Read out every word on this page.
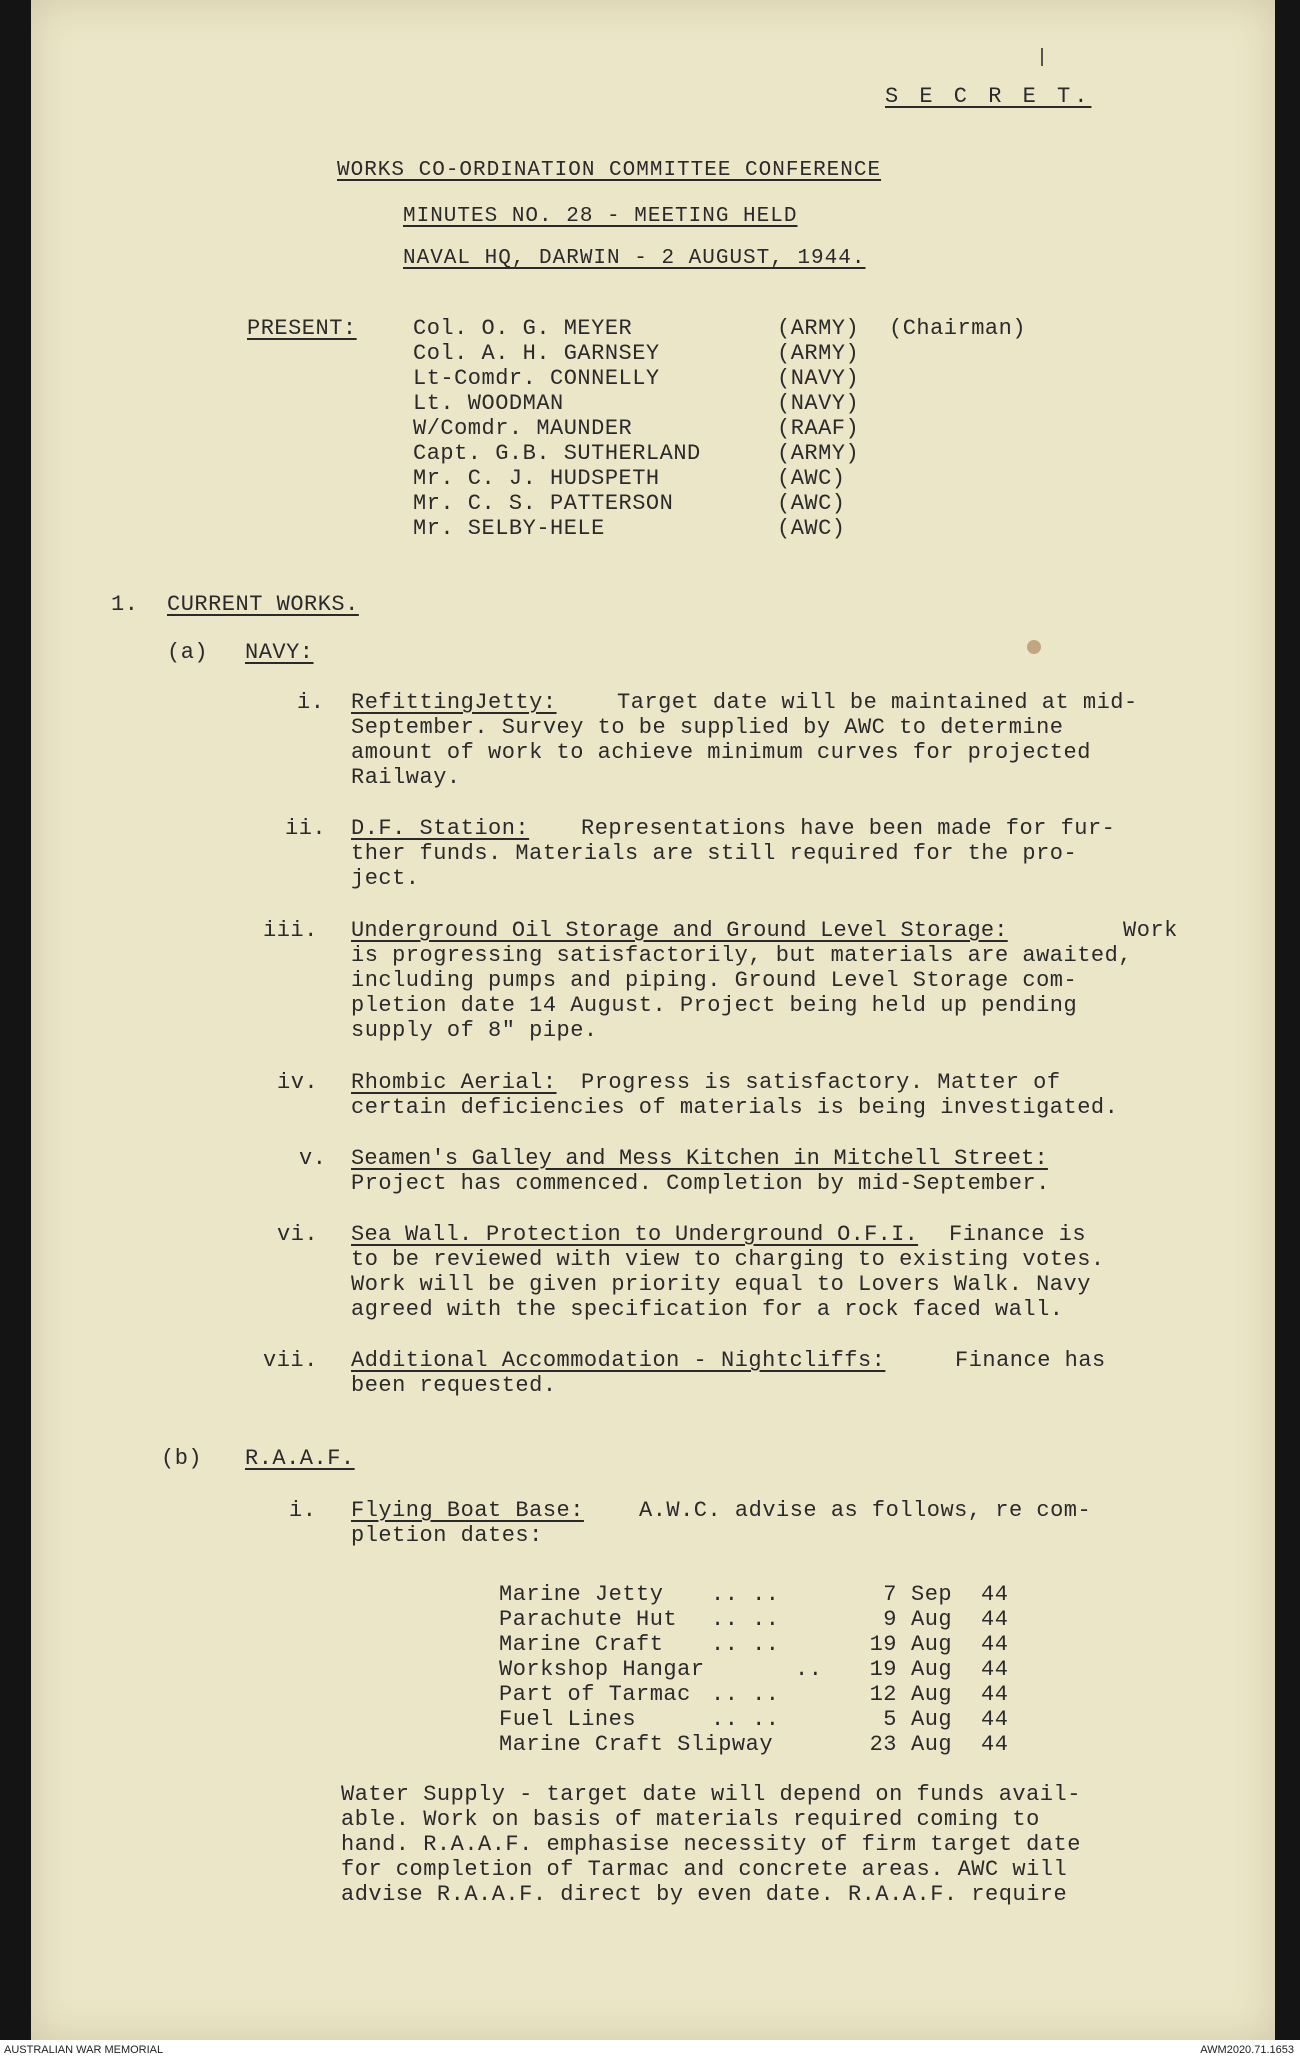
S E C R E T.
WORKS CO-ORDINATION COMMITTEE CONFERENCE
MINUTES NO. 28 - MEETING HELD
NAVAL HQ, DARWIN - 2 AUGUST, 1944.
PRESENT:	Col. O. G. MEYER	(ARMY) (Chairman)
Col. A. H. GARNSEY	(ARMY)
Lt-Comdr. CONNELLY	(NAVY)
Lt. WOODMAN	(NAVY)
W/Comdr. MAUNDER	(RAAF)
Capt. G.B. SUTHERLAND	(ARMY)
Mr. C. J. HUDSPETH	(AWC)
Mr. C. S. PATTERSON	(AWC)
Mr. SELBY-HELE	(AWC)
1. CURRENT WORKS.
(a) NAVY:
i. RefittingJetty:	Target date will be maintained at mid-
September. Survey to be supplied by AWC to determine
amount of work to achieve minimum curves for projected
Railway.
ii. D.F. Station: Representations have been made for fur-
ther funds. Materials are still required for the pro-
ject.
iii. Underground Oil Storage and Ground Level Storage:	Work
is progressing satisfactorily, but materials are awaited,
including pumps and piping. Ground Level Storage com-
pletion date 14 August. Project being held up pending
supply of 8" pipe.
iv. Rhombic Aerial: Progress is satisfactory. Matter of
certain deficiencies of materials is being investigated.
v. Seamen's Galley and Mess Kitchen in Mitchell Street:
Project has commenced. Completion by mid-September.
vi. Sea Wall. Protection to Underground O.F.I. Finance is
to be reviewed with view to charging to existing votes.
Work will be given priority equal to Lovers Walk. Navy
agreed with the specification for a rock faced wall.
vii. Additional Accommodation - Nightcliffs:	Finance has
been requested.
(b) R.A.A.F.
i. Flying Boat Base:	A.W.C. advise as follows, re com-
pletion dates:
Marine Jetty .. ..	7 Sep 44
Parachute Hut .. ..	9 Aug 44
Marine Craft .. ..	19 Aug 44
Workshop Hangar	.. 19 Aug 44
Part of Tarmac .. ..	12 Aug 44
Fuel Lines	.. ..	5 Aug 44
Marine Craft Slipway	23 Aug 44
Water Supply - target date will depend on funds avail-
able. Work on basis of materials required coming to
hand. R.A.A.F. emphasise necessity of firm target date
for completion of Tarmac and concrete areas. AWC will
advise R.A.A.F. direct by even date. R.A.A.F. require
AUSTRALIAN WAR MEMORIAL	AWM2020.71.1653
